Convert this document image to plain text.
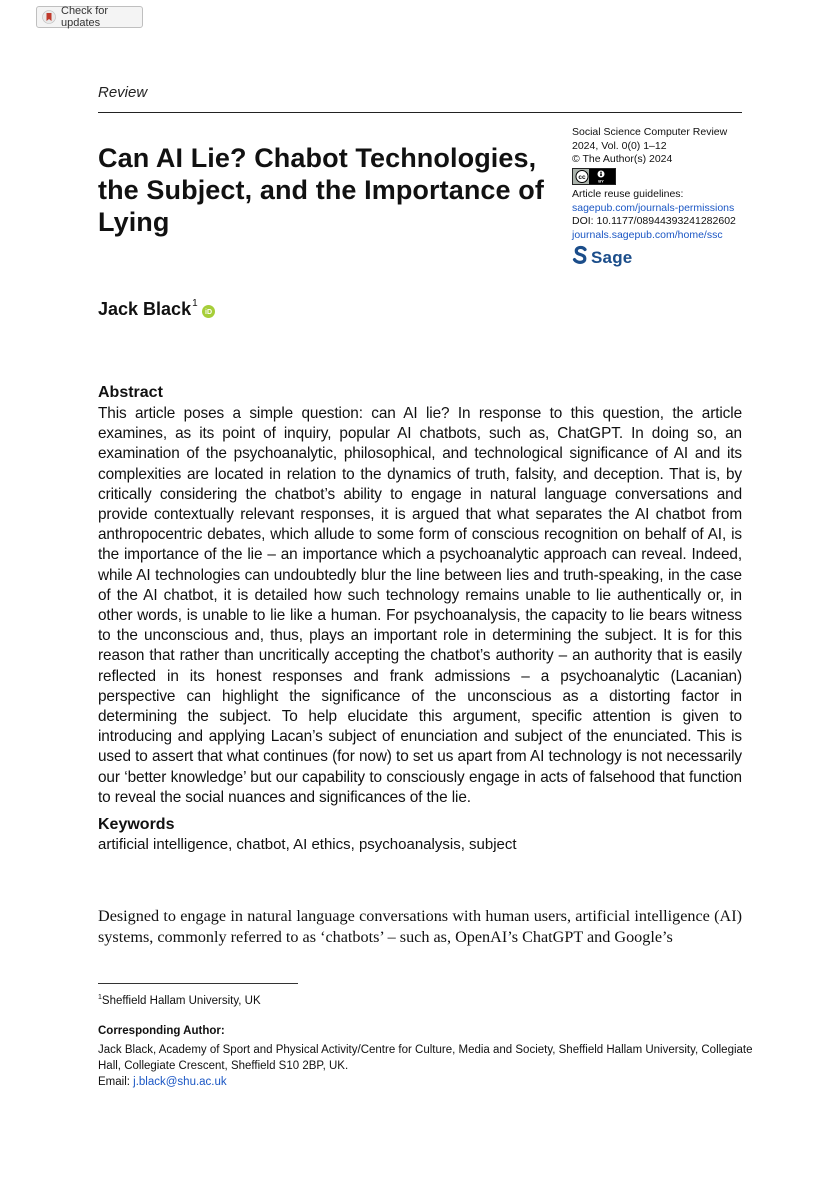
Check for updates
Review
Can AI Lie? Chabot Technologies, the Subject, and the Importance of Lying
Social Science Computer Review
2024, Vol. 0(0) 1–12
© The Author(s) 2024
cc
BY
Article reuse guidelines:
sagepub.com/journals-permissions
DOI: 10.1177/08944393241282602
journals.sagepub.com/home/ssc
Sage
Jack Black$^1$
iD
Abstract
This article poses a simple question: can AI lie? In response to this question, the article examines, as its point of inquiry, popular AI chatbots, such as, ChatGPT. In doing so, an examination of the psychoanalytic, philosophical, and technological significance of AI and its complexities are located in relation to the dynamics of truth, falsity, and deception. That is, by critically considering the chatbot’s ability to engage in natural language conversations and provide contextually relevant responses, it is argued that what separates the AI chatbot from anthropocentric debates, which allude to some form of conscious recognition on behalf of AI, is the importance of the lie – an importance which a psychoanalytic approach can reveal. Indeed, while AI technologies can undoubtedly blur the line between lies and truth-speaking, in the case of the AI chatbot, it is detailed how such technology remains unable to lie authentically or, in other words, is unable to lie like a human. For psychoanalysis, the capacity to lie bears witness to the unconscious and, thus, plays an important role in determining the subject. It is for this reason that rather than uncritically accepting the chatbot’s authority – an authority that is easily reflected in its honest responses and frank admissions – a psychoanalytic (Lacanian) perspective can highlight the significance of the unconscious as a distorting factor in determining the subject. To help elucidate this argument, specific attention is given to introducing and applying Lacan’s subject of enunciation and subject of the enunciated. This is used to assert that what continues (for now) to set us apart from AI technology is not necessarily our ‘better knowledge’ but our capability to consciously engage in acts of falsehood that function to reveal the social nuances and significances of the lie.
Keywords
artificial intelligence, chatbot, AI ethics, psychoanalysis, subject
Designed to engage in natural language conversations with human users, artificial intelligence (AI) systems, commonly referred to as ‘chatbots’ – such as, OpenAI’s ChatGPT and Google’s
$^1$Sheffield Hallam University, UK
Corresponding Author:
Jack Black, Academy of Sport and Physical Activity/Centre for Culture, Media and Society, Sheffield Hallam University, Collegiate Hall, Collegiate Crescent, Sheffield S10 2BP, UK.
Email: j.black@shu.ac.uk
